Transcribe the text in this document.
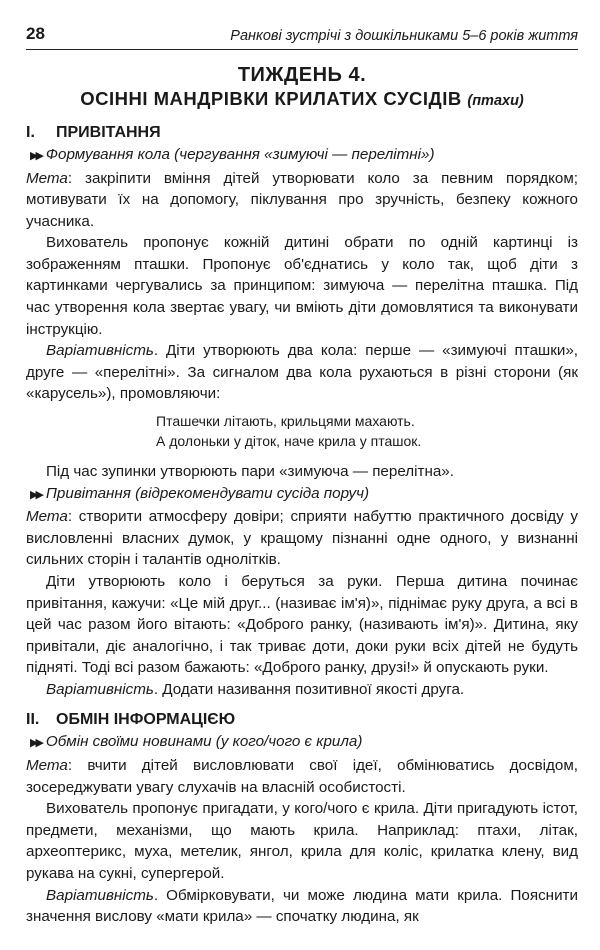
28	Ранкові зустрічі з дошкільниками 5–6 років життя
ТИЖДЕНЬ 4.
ОСІННІ МАНДРІВКИ КРИЛАТИХ СУСІДІВ (птахи)
I. ПРИВІТАННЯ
▶▶ Формування кола (чергування «зимуючі — перелітні»)

Мета: закріпити вміння дітей утворювати коло за певним порядком; мотивувати їх на допомогу, піклування про зручність, безпеку кожного учасника.

Вихователь пропонує кожній дитині обрати по одній картинці із зображенням пташки. Пропонує об'єднатись у коло так, щоб діти з картинками чергувались за принципом: зимуюча — перелітна пташка. Під час утворення кола звертає увагу, чи вміють діти домовлятися та виконувати інструкцію.

Варіативність. Діти утворюють два кола: перше — «зимуючі пташки», друге — «перелітні». За сигналом два кола рухаються в різні сторони (як «карусель»), промовляючи:

Пташечки літають, крильцями махають.
А долоньки у діток, наче крила у пташок.

Під час зупинки утворюють пари «зимуюча — перелітна».

▶▶ Привітання (відрекомендувати сусіда поруч)

Мета: створити атмосферу довіри; сприяти набуттю практичного досвіду у висловленні власних думок, у кращому пізнанні одне одного, у визнанні сильних сторін і талантів однолітків.

Діти утворюють коло і беруться за руки. Перша дитина починає привітання, кажучи: «Це мій друг... (називає ім'я)», піднімає руку друга, а всі в цей час разом його вітають: «Доброго ранку, (називають ім'я)». Дитина, яку привітали, діє аналогічно, і так триває доти, доки руки всіх дітей не будуть підняті. Тоді всі разом бажають: «Доброго ранку, друзі!» й опускають руки.

Варіативність. Додати називання позитивної якості друга.

II. ОБМІН ІНФОРМАЦІЄЮ
▶▶ Обмін своїми новинами (у кого/чого є крила)

Мета: вчити дітей висловлювати свої ідеї, обмінюватись досвідом, зосереджувати увагу слухачів на власній особистості.

Вихователь пропонує пригадати, у кого/чого є крила. Діти пригадують істот, предмети, механізми, що мають крила. Наприклад: птахи, літак, археоптерикс, муха, метелик, янгол, крила для коліс, крилатка клену, вид рукава на сукні, супергерой.

Варіативність. Обмірковувати, чи може людина мати крила. Пояснити значення вислову «мати крила» — спочатку людина, як
